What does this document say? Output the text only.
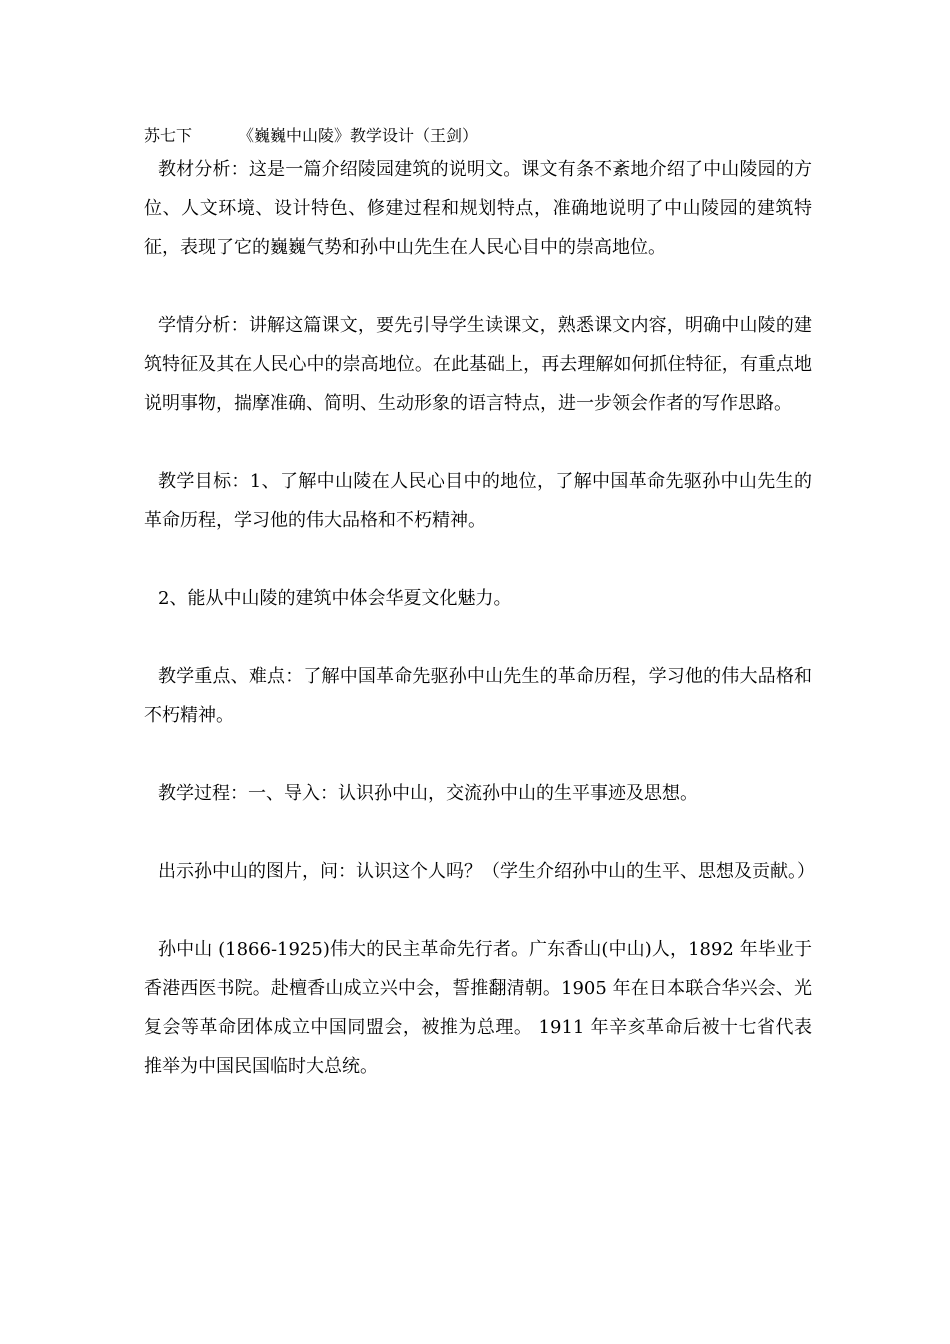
苏七下	《巍巍中山陵》教学设计（王剑）

教材分析：这是一篇介绍陵园建筑的说明文。课文有条不紊地介绍了中山陵园的方位、人文环境、设计特色、修建过程和规划特点，准确地说明了中山陵园的建筑特征，表现了它的巍巍气势和孙中山先生在人民心目中的崇高地位。

学情分析：讲解这篇课文，要先引导学生读课文，熟悉课文内容，明确中山陵的建筑特征及其在人民心中的崇高地位。在此基础上，再去理解如何抓住特征，有重点地说明事物，揣摩准确、简明、生动形象的语言特点，进一步领会作者的写作思路。

教学目标：1、了解中山陵在人民心目中的地位，了解中国革命先驱孙中山先生的革命历程，学习他的伟大品格和不朽精神。

2、能从中山陵的建筑中体会华夏文化魅力。

教学重点、难点：了解中国革命先驱孙中山先生的革命历程，学习他的伟大品格和不朽精神。

教学过程：一、导入：认识孙中山，交流孙中山的生平事迹及思想。

出示孙中山的图片，问：认识这个人吗？（学生介绍孙中山的生平、思想及贡献。）

孙中山 (1866-1925)伟大的民主革命先行者。广东香山(中山)人，1892 年毕业于香港西医书院。赴檀香山成立兴中会，誓推翻清朝。1905 年在日本联合华兴会、光复会等革命团体成立中国同盟会，被推为总理。 1911 年辛亥革命后被十七省代表推举为中国民国临时大总统。
